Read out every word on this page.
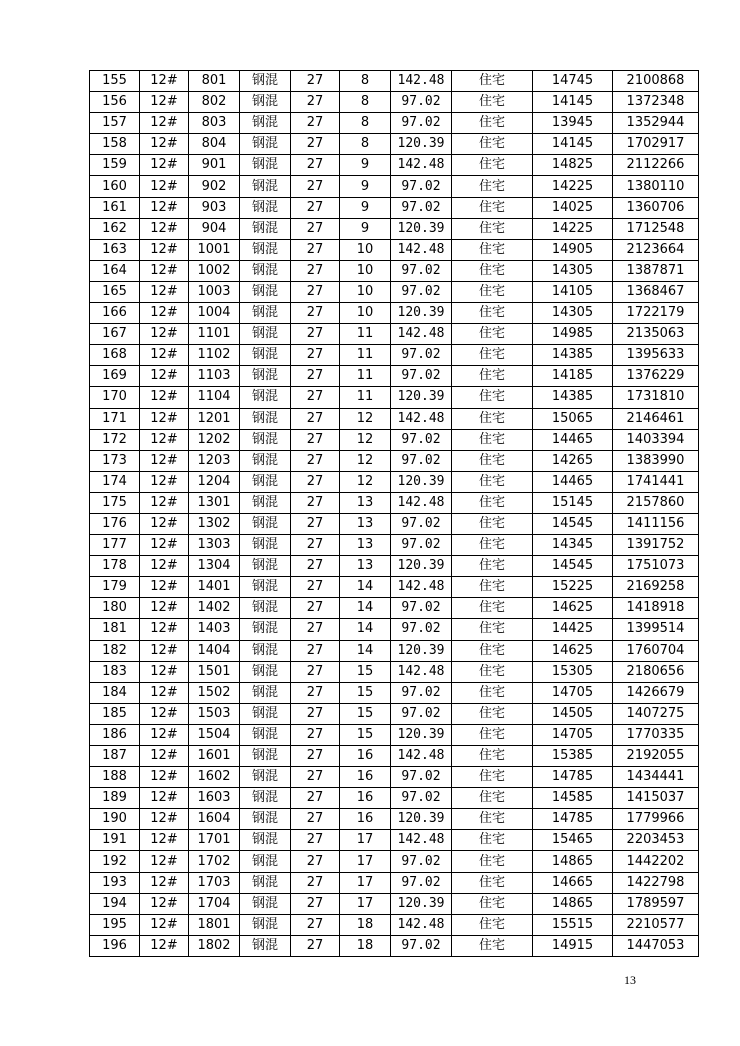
155	12#	801	钢混	27	8	142.48	住宅	14745	2100868
156	12#	802	钢混	27	8	97.02	住宅	14145	1372348
157	12#	803	钢混	27	8	97.02	住宅	13945	1352944
158	12#	804	钢混	27	8	120.39	住宅	14145	1702917
159	12#	901	钢混	27	9	142.48	住宅	14825	2112266
160	12#	902	钢混	27	9	97.02	住宅	14225	1380110
161	12#	903	钢混	27	9	97.02	住宅	14025	1360706
162	12#	904	钢混	27	9	120.39	住宅	14225	1712548
163	12#	1001	钢混	27	10	142.48	住宅	14905	2123664
164	12#	1002	钢混	27	10	97.02	住宅	14305	1387871
165	12#	1003	钢混	27	10	97.02	住宅	14105	1368467
166	12#	1004	钢混	27	10	120.39	住宅	14305	1722179
167	12#	1101	钢混	27	11	142.48	住宅	14985	2135063
168	12#	1102	钢混	27	11	97.02	住宅	14385	1395633
169	12#	1103	钢混	27	11	97.02	住宅	14185	1376229
170	12#	1104	钢混	27	11	120.39	住宅	14385	1731810
171	12#	1201	钢混	27	12	142.48	住宅	15065	2146461
172	12#	1202	钢混	27	12	97.02	住宅	14465	1403394
173	12#	1203	钢混	27	12	97.02	住宅	14265	1383990
174	12#	1204	钢混	27	12	120.39	住宅	14465	1741441
175	12#	1301	钢混	27	13	142.48	住宅	15145	2157860
176	12#	1302	钢混	27	13	97.02	住宅	14545	1411156
177	12#	1303	钢混	27	13	97.02	住宅	14345	1391752
178	12#	1304	钢混	27	13	120.39	住宅	14545	1751073
179	12#	1401	钢混	27	14	142.48	住宅	15225	2169258
180	12#	1402	钢混	27	14	97.02	住宅	14625	1418918
181	12#	1403	钢混	27	14	97.02	住宅	14425	1399514
182	12#	1404	钢混	27	14	120.39	住宅	14625	1760704
183	12#	1501	钢混	27	15	142.48	住宅	15305	2180656
184	12#	1502	钢混	27	15	97.02	住宅	14705	1426679
185	12#	1503	钢混	27	15	97.02	住宅	14505	1407275
186	12#	1504	钢混	27	15	120.39	住宅	14705	1770335
187	12#	1601	钢混	27	16	142.48	住宅	15385	2192055
188	12#	1602	钢混	27	16	97.02	住宅	14785	1434441
189	12#	1603	钢混	27	16	97.02	住宅	14585	1415037
190	12#	1604	钢混	27	16	120.39	住宅	14785	1779966
191	12#	1701	钢混	27	17	142.48	住宅	15465	2203453
192	12#	1702	钢混	27	17	97.02	住宅	14865	1442202
193	12#	1703	钢混	27	17	97.02	住宅	14665	1422798
194	12#	1704	钢混	27	17	120.39	住宅	14865	1789597
195	12#	1801	钢混	27	18	142.48	住宅	15515	2210577
196	12#	1802	钢混	27	18	97.02	住宅	14915	1447053
13
